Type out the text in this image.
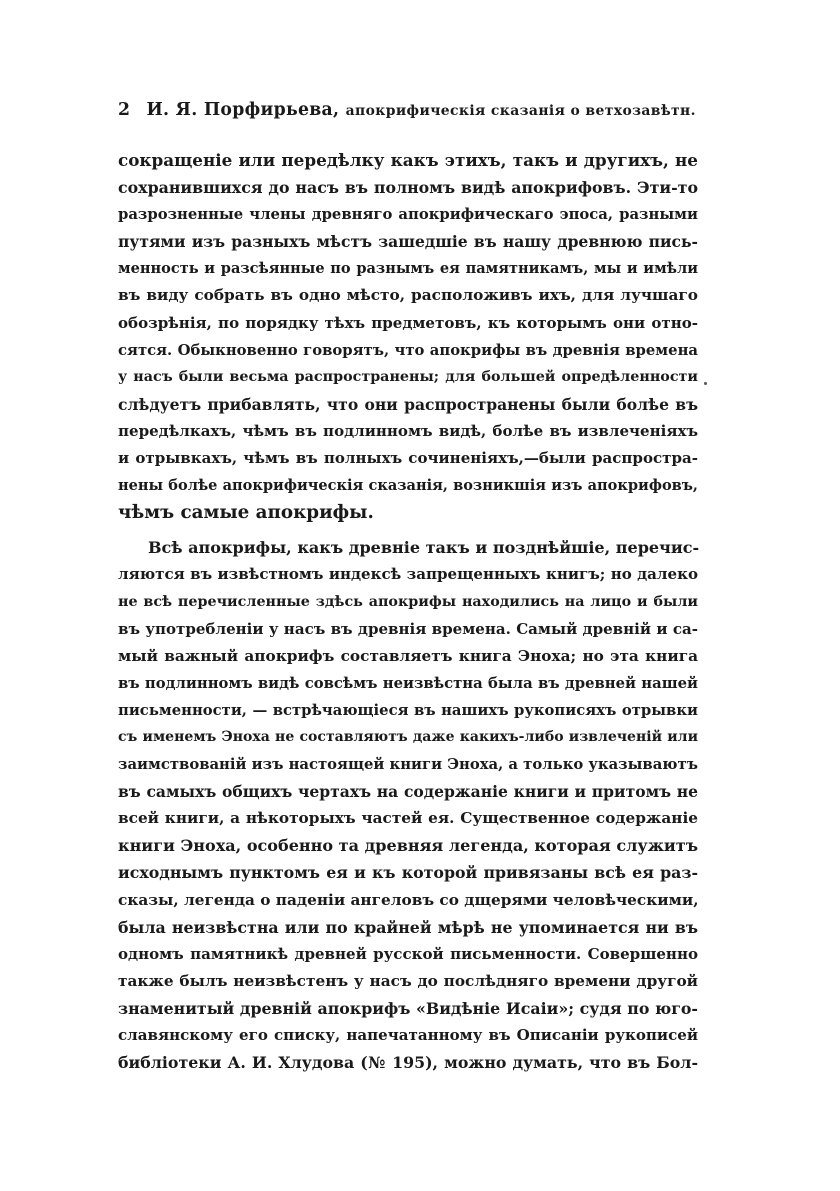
2 И. Я. Порфирьева, апокрифическія сказанія о ветхозавѣтн.
сокращеніе или передѣлку какъ этихъ, такъ и другихъ, не
сохранившихся до насъ въ полномъ видѣ апокрифовъ. Эти-то
разрозненные члены древняго апокрифическаго эпоса, разными
путями изъ разныхъ мѣстъ зашедшіе въ нашу древнюю пись-
менность и разсѣянные по разнымъ ея памятникамъ, мы и имѣли
въ виду собрать въ одно мѣсто, расположивъ ихъ, для лучшаго
обозрѣнія, по порядку тѣхъ предметовъ, къ которымъ они отно-
сятся. Обыкновенно говорятъ, что апокрифы въ древнія времена
у насъ были весьма распространены; для большей опредѣленности
слѣдуетъ прибавлять, что они распространены были болѣе въ
передѣлкахъ, чѣмъ въ подлинномъ видѣ, болѣе въ извлеченіяхъ
и отрывкахъ, чѣмъ въ полныхъ сочиненіяхъ,—были распростра-
нены болѣе апокрифическія сказанія, возникшія изъ апокрифовъ,
чѣмъ самые апокрифы.
Всѣ апокрифы, какъ древніе такъ и позднѣйшіе, перечис-
ляются въ извѣстномъ индексѣ запрещенныхъ книгъ; но далеко
не всѣ перечисленные здѣсь апокрифы находились на лицо и были
въ употребленіи у насъ въ древнія времена. Самый древній и са-
мый важный апокрифъ составляетъ книга Эноха; но эта книга
въ подлинномъ видѣ совсѣмъ неизвѣстна была въ древней нашей
письменности, — встрѣчающіеся въ нашихъ рукописяхъ отрывки
съ именемъ Эноха не составляютъ даже какихъ-либо извлеченій или
заимствованій изъ настоящей книги Эноха, а только указываютъ
въ самыхъ общихъ чертахъ на содержаніе книги и притомъ не
всей книги, а нѣкоторыхъ частей ея. Существенное содержаніе
книги Эноха, особенно та древняя легенда, которая служитъ
исходнымъ пунктомъ ея и къ которой привязаны всѣ ея раз-
сказы, легенда о паденіи ангеловъ со дщерями человѣческими,
была неизвѣстна или по крайней мѣрѣ не упоминается ни въ
одномъ памятникѣ древней русской письменности. Совершенно
также былъ неизвѣстенъ у насъ до послѣдняго времени другой
знаменитый древній апокрифъ «Видѣніе Исаіи»; судя по юго-
славянскому его списку, напечатанному въ Описаніи рукописей
библіотеки А. И. Хлудова (№ 195), можно думать, что въ Бол-
